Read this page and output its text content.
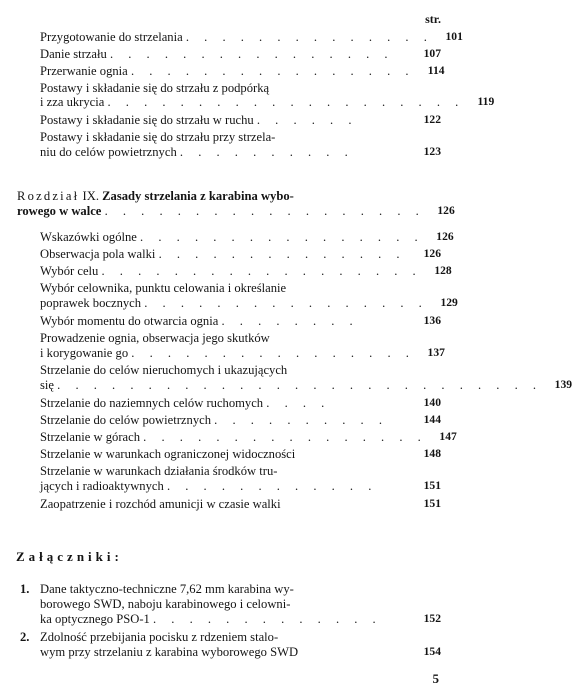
str.
Przygotowanie do strzelania . . . . . . . . . . . . . .	101
Danie strzału . . . . . . . . . . . . . . . .	107
Przerwanie ognia . . . . . . . . . . . . . . . .	114
Postawy i składanie się do strzału z podpórką
i zza ukrycia . . . . . . . . . . . . . . . . . . . .	119
Postawy i składanie się do strzału w ruchu . . . . . .	122
Postawy i składanie się do strzału przy strzela-
niu do celów powietrznych . . . . . . . . . .	123
Rozdział IX. Zasady strzelania z karabina wybo-
rowego w walce . . . . . . . . . . . . . . . . . .	126
Wskazówki ogólne . . . . . . . . . . . . . . . .	126
Obserwacja pola walki . . . . . . . . . . . . . .	126
Wybór celu . . . . . . . . . . . . . . . . . .	128
Wybór celownika, punktu celowania i określanie
poprawek bocznych . . . . . . . . . . . . . . . .	129
Wybór momentu do otwarcia ognia . . . . . . . .	136
Prowadzenie ognia, obserwacja jego skutków
i korygowanie go . . . . . . . . . . . . . . . .	137
Strzelanie do celów nieruchomych i ukazujących
się . . . . . . . . . . . . . . . . . . . . . . . . . . .	139
Strzelanie do naziemnych celów ruchomych . . . .	140
Strzelanie do celów powietrznych . . . . . . . . . .	144
Strzelanie w górach . . . . . . . . . . . . . . . .	147
Strzelanie w warunkach ograniczonej widoczności	148
Strzelanie w warunkach działania środków tru-
jących i radioaktywnych . . . . . . . . . . . .	151
Zaopatrzenie i rozchód amunicji w czasie walki	151
Załączniki:
1. Dane taktyczno-techniczne 7,62 mm karabina wy-
borowego SWD, naboju karabinowego i celowni-
ka optycznego PSO-1 . . . . . . . . . . . . .	152
2. Zdolność przebijania pocisku z rdzeniem stalo-
wym przy strzelaniu z karabina wyborowego SWD	154
5
